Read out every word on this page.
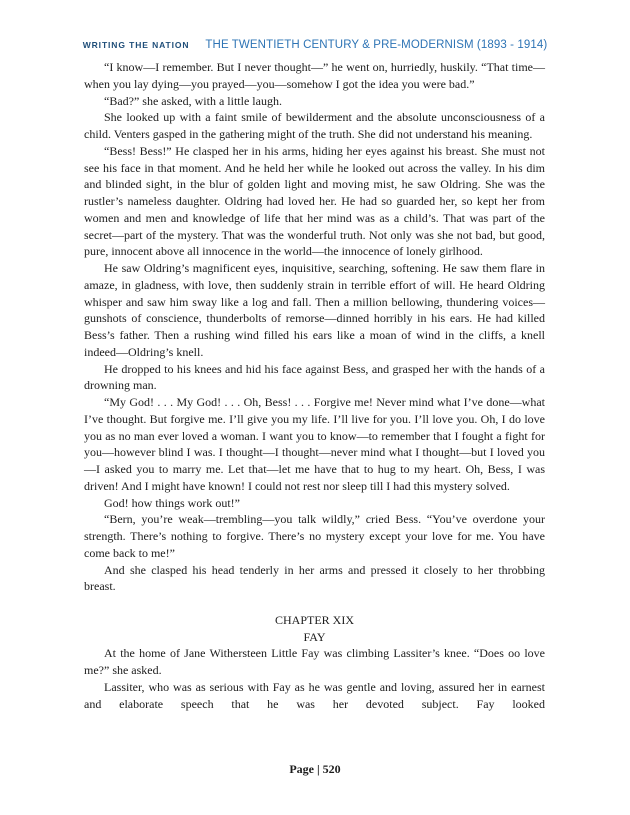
WRITING THE NATION THE TWENTIETH CENTURY & PRE-MODERNISM (1893 - 1914)

“I know—I remember. But I never thought—” he went on, hurriedly, huskily. “That time—when you lay dying—you prayed—you—somehow I got the idea you were bad.”

“Bad?” she asked, with a little laugh.

She looked up with a faint smile of bewilderment and the absolute unconsciousness of a child. Venters gasped in the gathering might of the truth. She did not understand his meaning.

“Bess! Bess!” He clasped her in his arms, hiding her eyes against his breast. She must not see his face in that moment. And he held her while he looked out across the valley. In his dim and blinded sight, in the blur of golden light and moving mist, he saw Oldring. She was the rustler’s nameless daughter. Oldring had loved her. He had so guarded her, so kept her from women and men and knowledge of life that her mind was as a child’s. That was part of the secret—part of the mystery. That was the wonderful truth. Not only was she not bad, but good, pure, innocent above all innocence in the world—the innocence of lonely girlhood.

He saw Oldring’s magnificent eyes, inquisitive, searching, softening. He saw them flare in amaze, in gladness, with love, then suddenly strain in terrible effort of will. He heard Oldring whisper and saw him sway like a log and fall. Then a million bellowing, thundering voices—gunshots of conscience, thunderbolts of remorse—dinned horribly in his ears. He had killed Bess’s father. Then a rushing wind filled his ears like a moan of wind in the cliffs, a knell indeed—Oldring’s knell.

He dropped to his knees and hid his face against Bess, and grasped her with the hands of a drowning man.

“My God! . . . My God! . . . Oh, Bess! . . . Forgive me! Never mind what I’ve done—what I’ve thought. But forgive me. I’ll give you my life. I’ll live for you. I’ll love you. Oh, I do love you as no man ever loved a woman. I want you to know—to remember that I fought a fight for you—however blind I was. I thought—I thought—never mind what I thought—but I loved you—I asked you to marry me. Let that—let me have that to hug to my heart. Oh, Bess, I was driven! And I might have known! I could not rest nor sleep till I had this mystery solved.

God! how things work out!”

“Bern, you’re weak—trembling—you talk wildly,” cried Bess. “You’ve overdone your strength. There’s nothing to forgive. There’s no mystery except your love for me. You have come back to me!”

And she clasped his head tenderly in her arms and pressed it closely to her throbbing breast.

CHAPTER XIX

FAY

At the home of Jane Withersteen Little Fay was climbing Lassiter’s knee. “Does oo love me?” she asked.

Lassiter, who was as serious with Fay as he was gentle and loving, assured her in earnest and elaborate speech that he was her devoted subject. Fay looked

Page | 520
